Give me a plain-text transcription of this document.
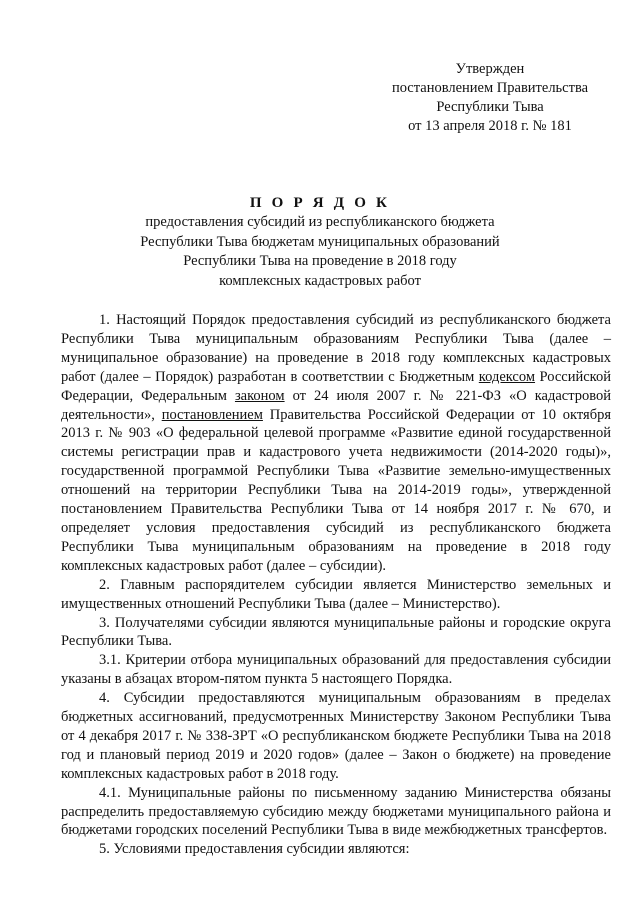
Утвержден
постановлением Правительства
Республики Тыва
от 13 апреля 2018 г. № 181
П О Р Я Д О К
предоставления субсидий из республиканского бюджета
Республики Тыва бюджетам муниципальных образований
Республики Тыва на проведение в 2018 году
комплексных кадастровых работ

1. Настоящий Порядок предоставления субсидий из республиканского бюджета Республики Тыва муниципальным образованиям Республики Тыва (далее – муниципальное образование) на проведение в 2018 году комплексных кадастровых работ (далее – Порядок) разработан в соответствии с Бюджетным кодексом Российской Федерации, Федеральным законом от 24 июля 2007 г. № 221-ФЗ «О кадастровой деятельности», постановлением Правительства Российской Федерации от 10 октября 2013 г. № 903 «О федеральной целевой программе «Развитие единой государственной системы регистрации прав и кадастрового учета недвижимости (2014-2020 годы)», государственной программой Республики Тыва «Развитие земельно-имущественных отношений на территории Республики Тыва на 2014-2019 годы», утвержденной постановлением Правительства Республики Тыва от 14 ноября 2017 г. № 670, и определяет условия предоставления субсидий из республиканского бюджета Республики Тыва муниципальным образованиям на проведение в 2018 году комплексных кадастровых работ (далее – субсидии).

2. Главным распорядителем субсидии является Министерство земельных и имущественных отношений Республики Тыва (далее – Министерство).

3. Получателями субсидии являются муниципальные районы и городские округа Республики Тыва.

3.1. Критерии отбора муниципальных образований для предоставления субсидии указаны в абзацах втором-пятом пункта 5 настоящего Порядка.

4. Субсидии предоставляются муниципальным образованиям в пределах бюджетных ассигнований, предусмотренных Министерству Законом Республики Тыва от 4 декабря 2017 г. № 338-ЗРТ «О республиканском бюджете Республики Тыва на 2018 год и плановый период 2019 и 2020 годов» (далее – Закон о бюджете) на проведение комплексных кадастровых работ в 2018 году.

4.1. Муниципальные районы по письменному заданию Министерства обязаны распределить предоставляемую субсидию между бюджетами муниципального района и бюджетами городских поселений Республики Тыва в виде межбюджетных трансфертов.

5. Условиями предоставления субсидии являются:
